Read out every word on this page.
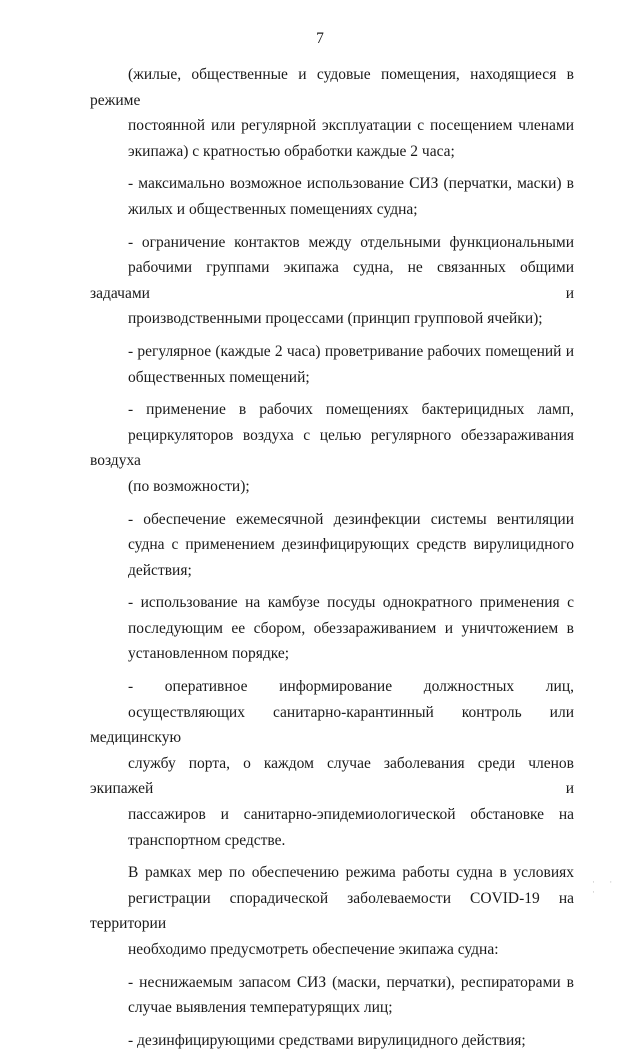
7

(жилые, общественные и судовые помещения, находящиеся в режиме
постоянной или регулярной эксплуатации с посещением членами
экипажа) с кратностью обработки каждые 2 часа;

- максимально возможное использование СИЗ (перчатки, маски) в
жилых и общественных помещениях судна;

- ограничение контактов между отдельными функциональными
рабочими группами экипажа судна, не связанных общими задачами и
производственными процессами (принцип групповой ячейки);

- регулярное (каждые 2 часа) проветривание рабочих помещений и
общественных помещений;

- применение в рабочих помещениях бактерицидных ламп,
рециркуляторов воздуха с целью регулярного обеззараживания воздуха
(по возможности);

- обеспечение ежемесячной дезинфекции системы вентиляции
судна с применением дезинфицирующих средств вирулицидного
действия;

- использование на камбузе посуды однократного применения с
последующим ее сбором, обеззараживанием и уничтожением в
установленном порядке;

- оперативное информирование должностных лиц,
осуществляющих санитарно-карантинный контроль или медицинскую
службу порта, о каждом случае заболевания среди членов экипажей и
пассажиров и санитарно-эпидемиологической обстановке на
транспортном средстве.

В рамках мер по обеспечению режима работы судна в условиях
регистрации спорадической заболеваемости COVID-19 на территории
необходимо предусмотреть обеспечение экипажа судна:

- неснижаемым запасом СИЗ (маски, перчатки), респираторами в
случае выявления температурящих лиц;

- дезинфицирующими средствами вирулицидного действия;

· · ·
